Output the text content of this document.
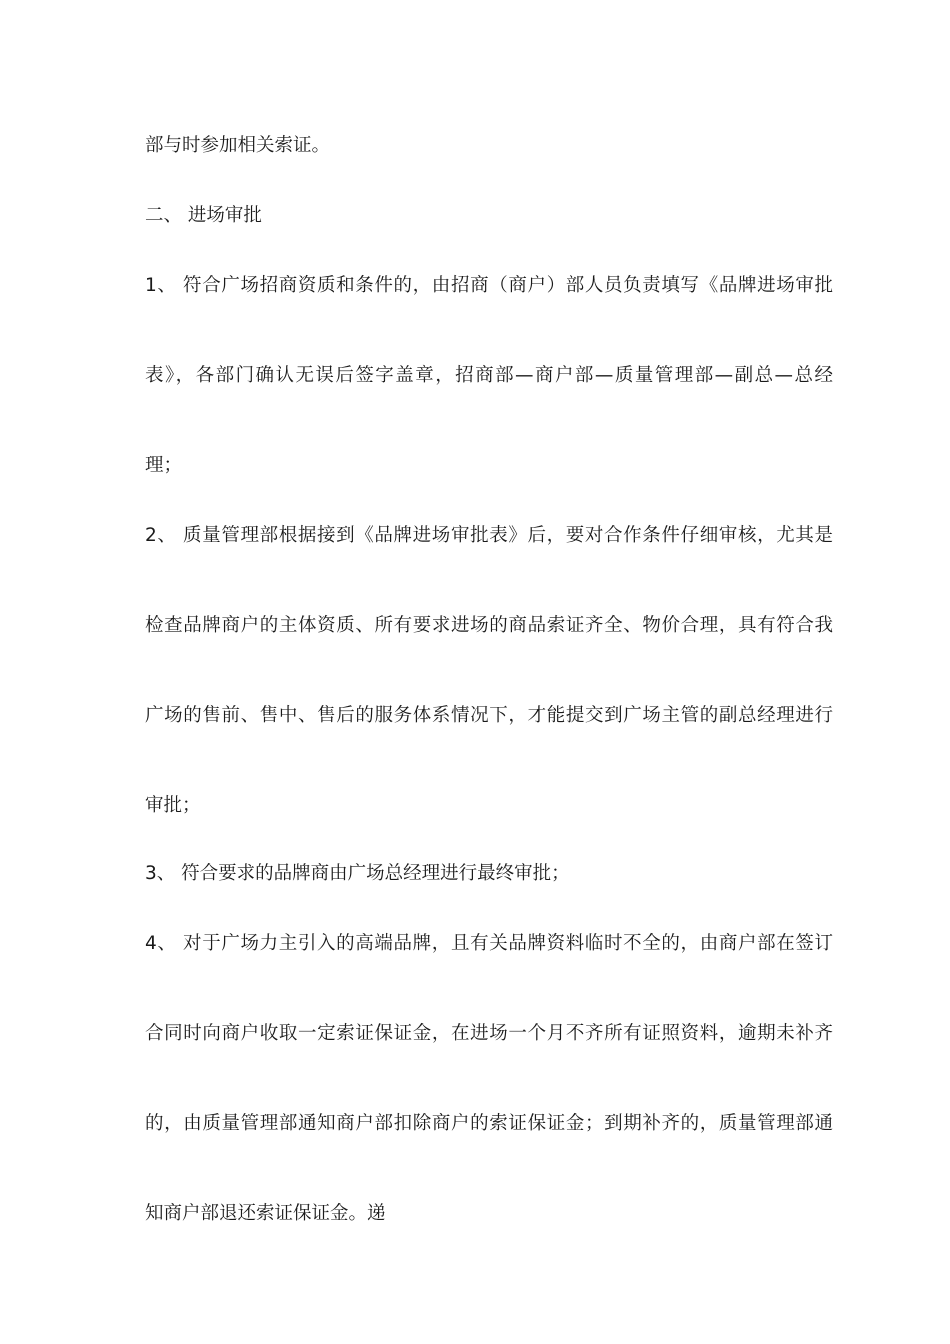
部与时参加相关索证。
二、 进场审批
1、 符合广场招商资质和条件的，由招商（商户）部人员负责填写《品牌进场审批
表》，各部门确认无误后签字盖章，招商部—商户部—质量管理部—副总—总经
理；
2、 质量管理部根据接到《品牌进场审批表》后，要对合作条件仔细审核，尤其是
检查品牌商户的主体资质、所有要求进场的商品索证齐全、物价合理，具有符合我
广场的售前、售中、售后的服务体系情况下，才能提交到广场主管的副总经理进行
审批；
3、 符合要求的品牌商由广场总经理进行最终审批；
4、 对于广场力主引入的高端品牌，且有关品牌资料临时不全的，由商户部在签订
合同时向商户收取一定索证保证金，在进场一个月不齐所有证照资料，逾期未补齐
的，由质量管理部通知商户部扣除商户的索证保证金；到期补齐的，质量管理部通
知商户部退还索证保证金。递
